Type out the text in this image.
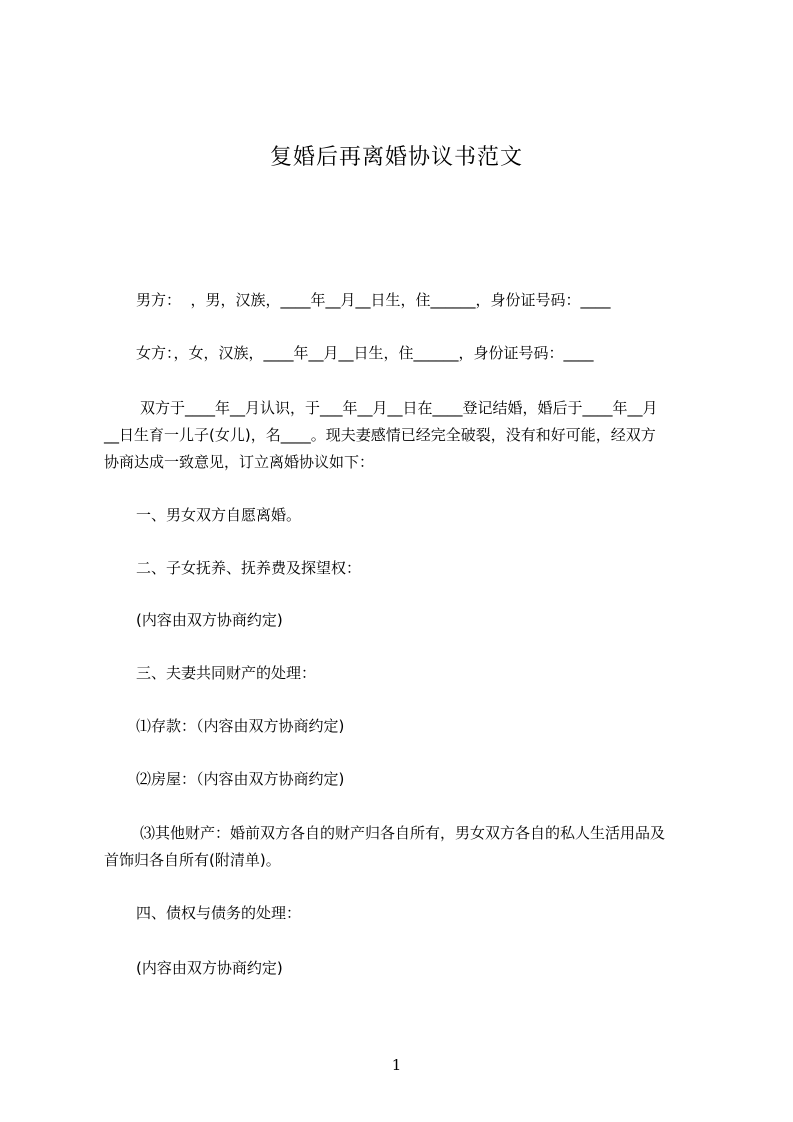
复婚后再离婚协议书范文
男方：  ，男，汉族，____年__月__日生，住______，身份证号码：____
女方：，女，汉族，____年__月__日生，住______，身份证号码：____
双方于____年__月认识，于___年__月__日在____登记结婚，婚后于____年__月
__日生育一儿子(女儿)，名____。现夫妻感情已经完全破裂，没有和好可能，经双方
协商达成一致意见，订立离婚协议如下：
一、男女双方自愿离婚。
二、子女抚养、抚养费及探望权：
(内容由双方协商约定)
三、夫妻共同财产的处理：
⑴存款：（内容由双方协商约定)
⑵房屋：（内容由双方协商约定)
⑶其他财产：婚前双方各自的财产归各自所有，男女双方各自的私人生活用品及
首饰归各自所有(附清单)。
四、债权与债务的处理：
(内容由双方协商约定)
1
